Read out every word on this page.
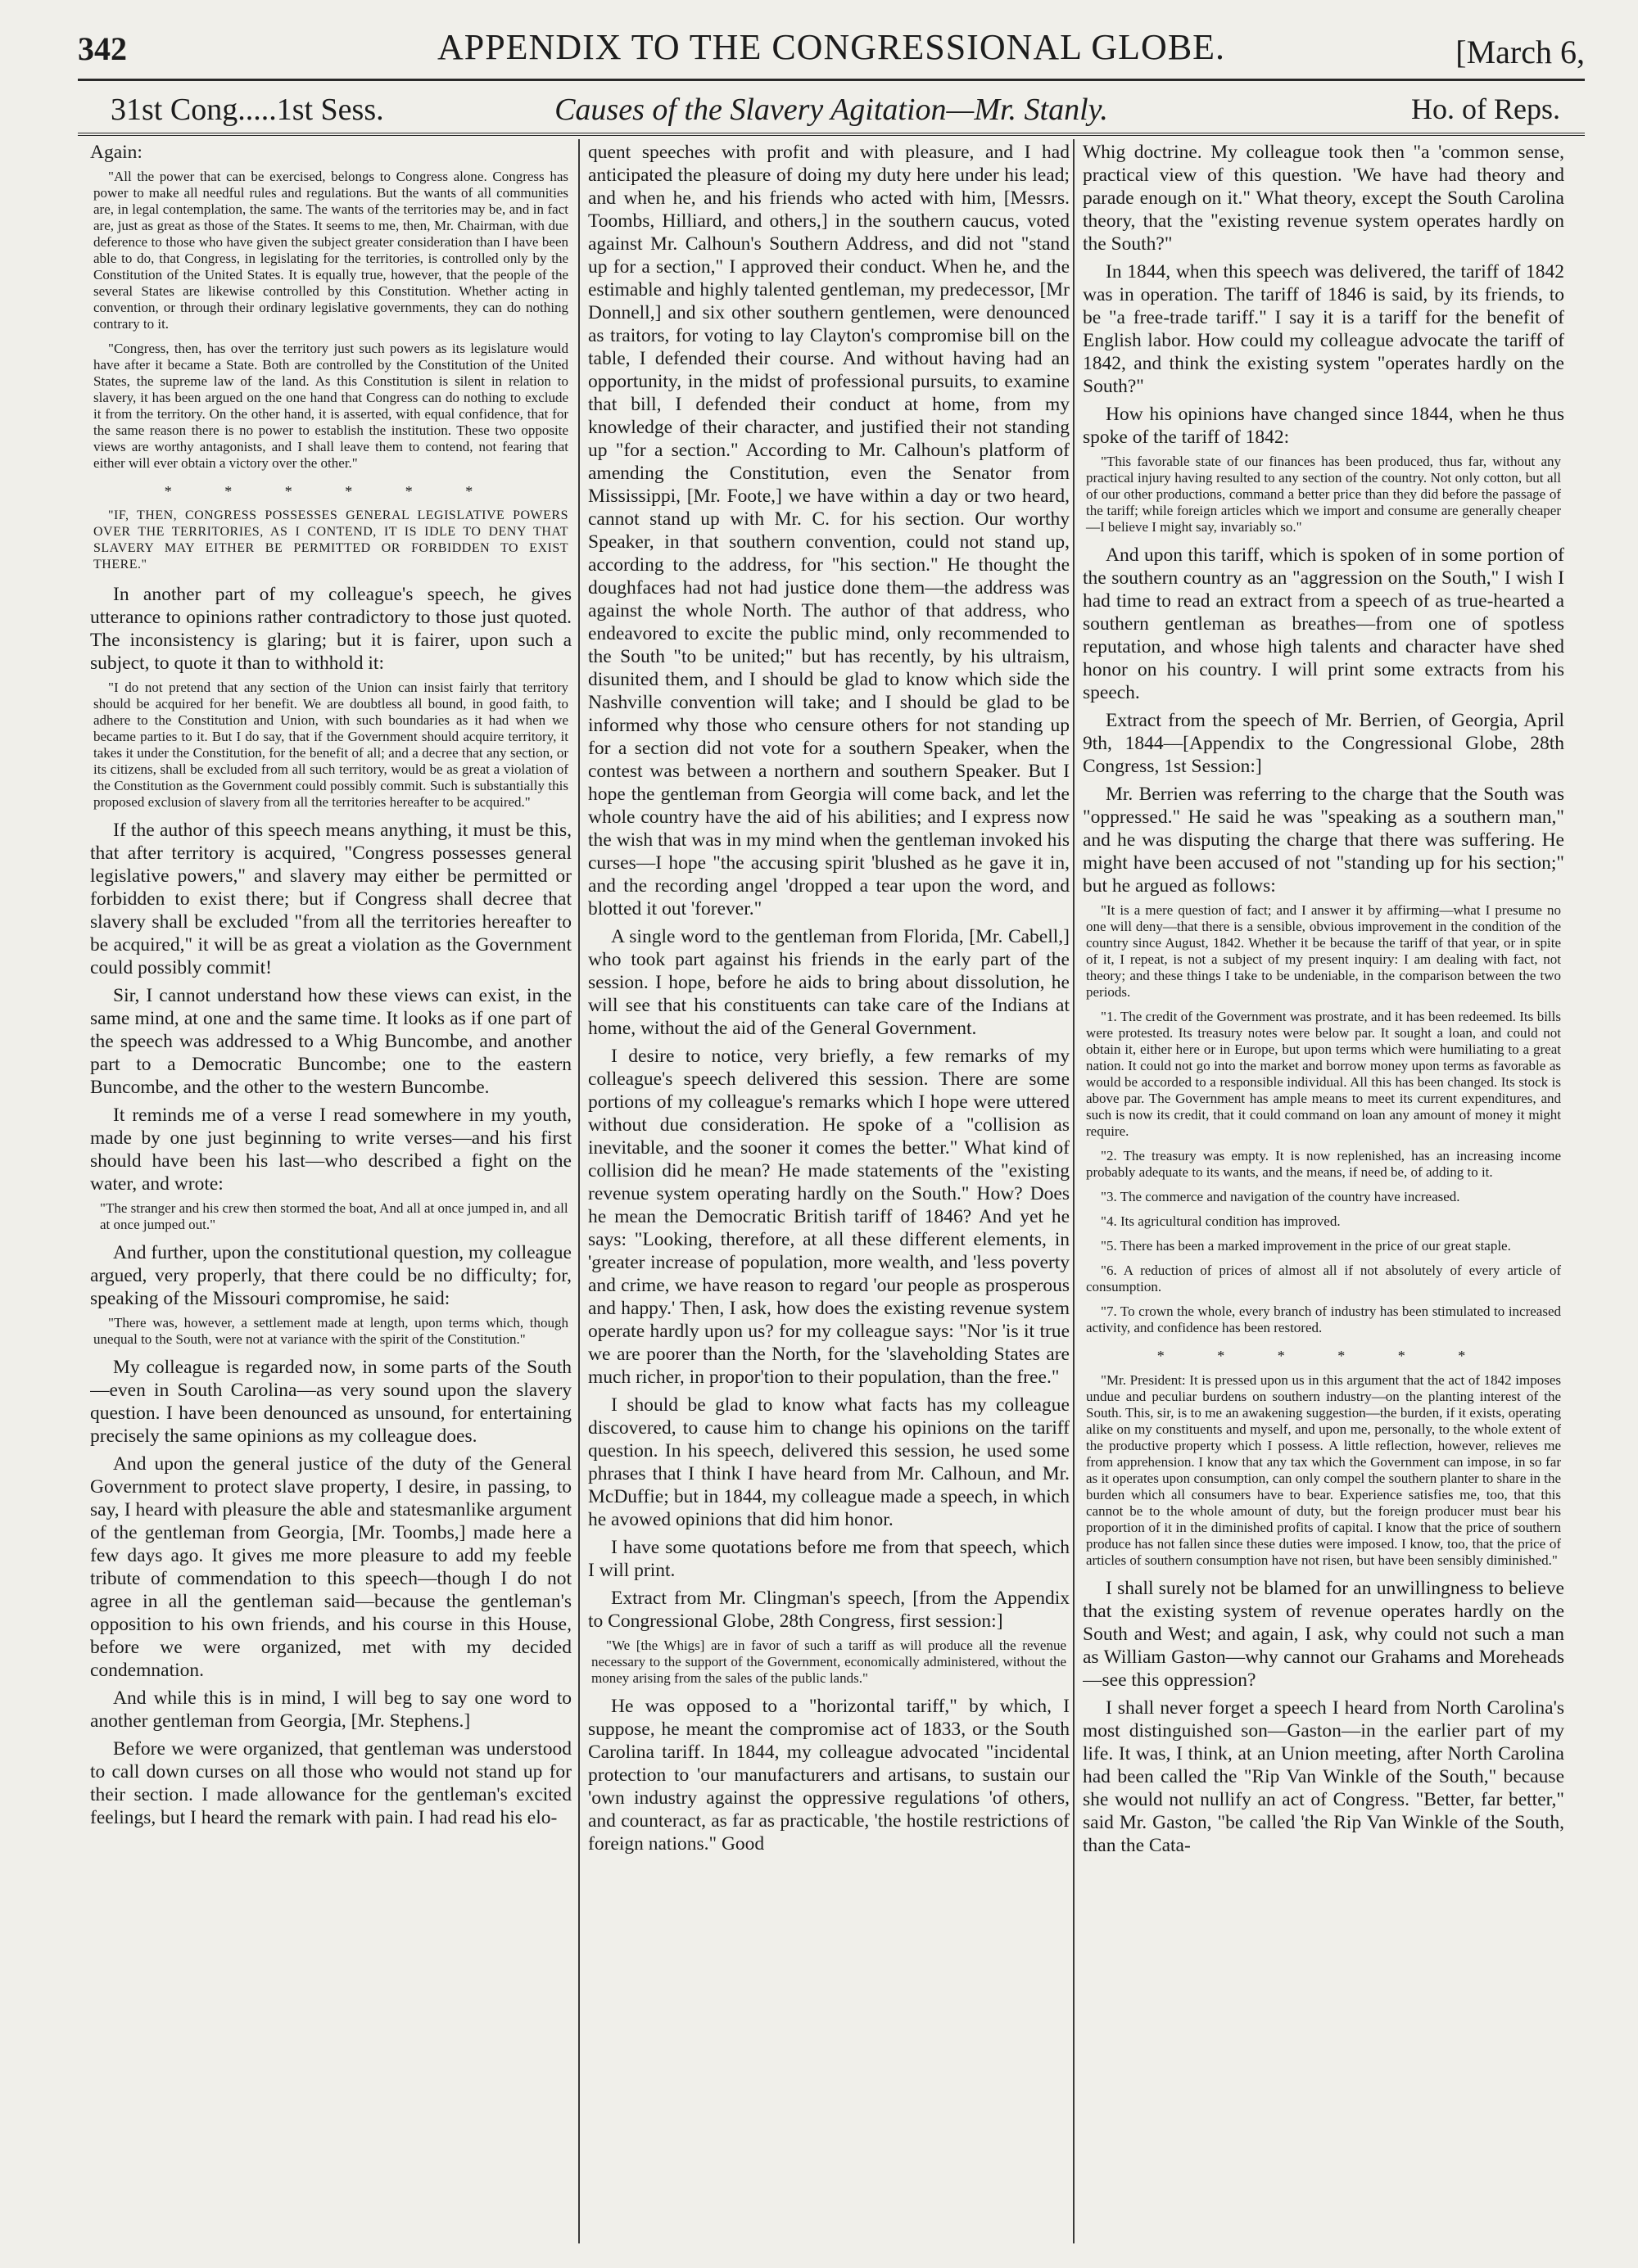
342	APPENDIX TO THE CONGRESSIONAL GLOBE.	[March 6,
31st Cong.....1st Sess.	Causes of the Slavery Agitation—Mr. Stanly.	Ho. of Reps.

Again:

"All the power that can be exercised, belongs to Congress alone. Congress has power to make all needful rules and regulations. But the wants of all communities are, in legal contemplation, the same. The wants of the territories may be, and in fact are, just as great as those of the States. It seems to me, then, Mr. Chairman, with due deference to those who have given the subject greater consideration than I have been able to do, that Congress, in legislating for the territories, is controlled only by the Constitution of the United States. It is equally true, however, that the people of the several States are likewise controlled by this Constitution. Whether acting in convention, or through their ordinary legislative governments, they can do nothing contrary to it.

"Congress, then, has over the territory just such powers as its legislature would have after it became a State. Both are controlled by the Constitution of the United States, the supreme law of the land. As this Constitution is silent in relation to slavery, it has been argued on the one hand that Congress can do nothing to exclude it from the territory. On the other hand, it is asserted, with equal confidence, that for the same reason there is no power to establish the institution. These two opposite views are worthy antagonists, and I shall leave them to contend, not fearing that either will ever obtain a victory over the other."

* * * * * *

"IF, THEN, CONGRESS POSSESSES GENERAL LEGISLATIVE POWERS OVER THE TERRITORIES, AS I CONTEND, IT IS IDLE TO DENY THAT SLAVERY MAY EITHER BE PERMITTED OR FORBIDDEN TO EXIST THERE."

In another part of my colleague's speech, he gives utterance to opinions rather contradictory to those just quoted. The inconsistency is glaring; but it is fairer, upon such a subject, to quote it than to withhold it:

"I do not pretend that any section of the Union can insist fairly that territory should be acquired for her benefit. We are doubtless all bound, in good faith, to adhere to the Constitution and Union, with such boundaries as it had when we became parties to it. But I do say, that if the Government should acquire territory, it takes it under the Constitution, for the benefit of all; and a decree that any section, or its citizens, shall be excluded from all such territory, would be as great a violation of the Constitution as the Government could possibly commit. Such is substantially this proposed exclusion of slavery from all the territories hereafter to be acquired."

If the author of this speech means anything, it must be this, that after territory is acquired, "Congress possesses general legislative powers," and slavery may either be permitted or forbidden to exist there; but if Congress shall decree that slavery shall be excluded "from all the territories hereafter to be acquired," it will be as great a violation as the Government could possibly commit!

Sir, I cannot understand how these views can exist, in the same mind, at one and the same time. It looks as if one part of the speech was addressed to a Whig Buncombe, and another part to a Democratic Buncombe; one to the eastern Buncombe, and the other to the western Buncombe.

It reminds me of a verse I read somewhere in my youth, made by one just beginning to write verses—and his first should have been his last—who described a fight on the water, and wrote:

"The stranger and his crew then stormed the boat, And all at once jumped in, and all at once jumped out."

And further, upon the constitutional question, my colleague argued, very properly, that there could be no difficulty; for, speaking of the Missouri compromise, he said:

"There was, however, a settlement made at length, upon terms which, though unequal to the South, were not at variance with the spirit of the Constitution."

My colleague is regarded now, in some parts of the South—even in South Carolina—as very sound upon the slavery question. I have been denounced as unsound, for entertaining precisely the same opinions as my colleague does.

And upon the general justice of the duty of the General Government to protect slave property, I desire, in passing, to say, I heard with pleasure the able and statesmanlike argument of the gentleman from Georgia, [Mr. Toombs,] made here a few days ago. It gives me more pleasure to add my feeble tribute of commendation to this speech—though I do not agree in all the gentleman said—because the gentleman's opposition to his own friends, and his course in this House, before we were organized, met with my decided condemnation.

And while this is in mind, I will beg to say one word to another gentleman from Georgia, [Mr. Stephens.]

Before we were organized, that gentleman was understood to call down curses on all those who would not stand up for their section. I made allowance for the gentleman's excited feelings, but I heard the remark with pain. I had read his elo-

quent speeches with profit and with pleasure, and I had anticipated the pleasure of doing my duty here under his lead; and when he, and his friends who acted with him, [Messrs. Toombs, Hilliard, and others,] in the southern caucus, voted against Mr. Calhoun's Southern Address, and did not "stand up for a section," I approved their conduct. When he, and the estimable and highly talented gentleman, my predecessor, [Mr Donnell,] and six other southern gentlemen, were denounced as traitors, for voting to lay Clayton's compromise bill on the table, I defended their course. And without having had an opportunity, in the midst of professional pursuits, to examine that bill, I defended their conduct at home, from my knowledge of their character, and justified their not standing up "for a section." According to Mr. Calhoun's platform of amending the Constitution, even the Senator from Mississippi, [Mr. Foote,] we have within a day or two heard, cannot stand up with Mr. C. for his section. Our worthy Speaker, in that southern convention, could not stand up, according to the address, for "his section." He thought the doughfaces had not had justice done them—the address was against the whole North. The author of that address, who endeavored to excite the public mind, only recommended to the South "to be united;" but has recently, by his ultraism, disunited them, and I should be glad to know which side the Nashville convention will take; and I should be glad to be informed why those who censure others for not standing up for a section did not vote for a southern Speaker, when the contest was between a northern and southern Speaker. But I hope the gentleman from Georgia will come back, and let the whole country have the aid of his abilities; and I express now the wish that was in my mind when the gentleman invoked his curses—I hope "the accusing spirit 'blushed as he gave it in, and the recording angel 'dropped a tear upon the word, and blotted it out 'forever."

A single word to the gentleman from Florida, [Mr. Cabell,] who took part against his friends in the early part of the session. I hope, before he aids to bring about dissolution, he will see that his constituents can take care of the Indians at home, without the aid of the General Government.

I desire to notice, very briefly, a few remarks of my colleague's speech delivered this session. There are some portions of my colleague's remarks which I hope were uttered without due consideration. He spoke of a "collision as inevitable, and the sooner it comes the better." What kind of collision did he mean? He made statements of the "existing revenue system operating hardly on the South." How? Does he mean the Democratic British tariff of 1846? And yet he says: "Looking, therefore, at all these different elements, in 'greater increase of population, more wealth, and 'less poverty and crime, we have reason to regard 'our people as prosperous and happy.' Then, I ask, how does the existing revenue system operate hardly upon us? for my colleague says: "Nor 'is it true we are poorer than the North, for the 'slaveholding States are much richer, in propor'tion to their population, than the free."

I should be glad to know what facts has my colleague discovered, to cause him to change his opinions on the tariff question. In his speech, delivered this session, he used some phrases that I think I have heard from Mr. Calhoun, and Mr. McDuffie; but in 1844, my colleague made a speech, in which he avowed opinions that did him honor.

I have some quotations before me from that speech, which I will print.

Extract from Mr. Clingman's speech, [from the Appendix to Congressional Globe, 28th Congress, first session:]

"We [the Whigs] are in favor of such a tariff as will produce all the revenue necessary to the support of the Government, economically administered, without the money arising from the sales of the public lands."

He was opposed to a "horizontal tariff," by which, I suppose, he meant the compromise act of 1833, or the South Carolina tariff. In 1844, my colleague advocated "incidental protection to 'our manufacturers and artisans, to sustain our 'own industry against the oppressive regulations 'of others, and counteract, as far as practicable, 'the hostile restrictions of foreign nations." Good

Whig doctrine. My colleague took then "a 'common sense, practical view of this question. 'We have had theory and parade enough on it." What theory, except the South Carolina theory, that the "existing revenue system operates hardly on the South?"

In 1844, when this speech was delivered, the tariff of 1842 was in operation. The tariff of 1846 is said, by its friends, to be "a free-trade tariff." I say it is a tariff for the benefit of English labor. How could my colleague advocate the tariff of 1842, and think the existing system "operates hardly on the South?"

How his opinions have changed since 1844, when he thus spoke of the tariff of 1842:

"This favorable state of our finances has been produced, thus far, without any practical injury having resulted to any section of the country. Not only cotton, but all of our other productions, command a better price than they did before the passage of the tariff; while foreign articles which we import and consume are generally cheaper—I believe I might say, invariably so."

And upon this tariff, which is spoken of in some portion of the southern country as an "aggression on the South," I wish I had time to read an extract from a speech of as true-hearted a southern gentleman as breathes—from one of spotless reputation, and whose high talents and character have shed honor on his country. I will print some extracts from his speech.

Extract from the speech of Mr. Berrien, of Georgia, April 9th, 1844—[Appendix to the Congressional Globe, 28th Congress, 1st Session:]

Mr. Berrien was referring to the charge that the South was "oppressed." He said he was "speaking as a southern man," and he was disputing the charge that there was suffering. He might have been accused of not "standing up for his section;" but he argued as follows:

"It is a mere question of fact; and I answer it by affirming—what I presume no one will deny—that there is a sensible, obvious improvement in the condition of the country since August, 1842. Whether it be because the tariff of that year, or in spite of it, I repeat, is not a subject of my present inquiry: I am dealing with fact, not theory; and these things I take to be undeniable, in the comparison between the two periods.

"1. The credit of the Government was prostrate, and it has been redeemed. Its bills were protested. Its treasury notes were below par. It sought a loan, and could not obtain it, either here or in Europe, but upon terms which were humiliating to a great nation. It could not go into the market and borrow money upon terms as favorable as would be accorded to a responsible individual. All this has been changed. Its stock is above par. The Government has ample means to meet its current expenditures, and such is now its credit, that it could command on loan any amount of money it might require.

"2. The treasury was empty. It is now replenished, has an increasing income probably adequate to its wants, and the means, if need be, of adding to it.

"3. The commerce and navigation of the country have increased.

"4. Its agricultural condition has improved.

"5. There has been a marked improvement in the price of our great staple.

"6. A reduction of prices of almost all if not absolutely of every article of consumption.

"7. To crown the whole, every branch of industry has been stimulated to increased activity, and confidence has been restored.

* * * * * *

"Mr. President: It is pressed upon us in this argument that the act of 1842 imposes undue and peculiar burdens on southern industry—on the planting interest of the South. This, sir, is to me an awakening suggestion—the burden, if it exists, operating alike on my constituents and myself, and upon me, personally, to the whole extent of the productive property which I possess. A little reflection, however, relieves me from apprehension. I know that any tax which the Government can impose, in so far as it operates upon consumption, can only compel the southern planter to share in the burden which all consumers have to bear. Experience satisfies me, too, that this cannot be to the whole amount of duty, but the foreign producer must bear his proportion of it in the diminished profits of capital. I know that the price of southern produce has not fallen since these duties were imposed. I know, too, that the price of articles of southern consumption have not risen, but have been sensibly diminished."

I shall surely not be blamed for an unwillingness to believe that the existing system of revenue operates hardly on the South and West; and again, I ask, why could not such a man as William Gaston—why cannot our Grahams and Moreheads—see this oppression?

I shall never forget a speech I heard from North Carolina's most distinguished son—Gaston—in the earlier part of my life. It was, I think, at an Union meeting, after North Carolina had been called the "Rip Van Winkle of the South," because she would not nullify an act of Congress. "Better, far better," said Mr. Gaston, "be called 'the Rip Van Winkle of the South, than the Cata-
